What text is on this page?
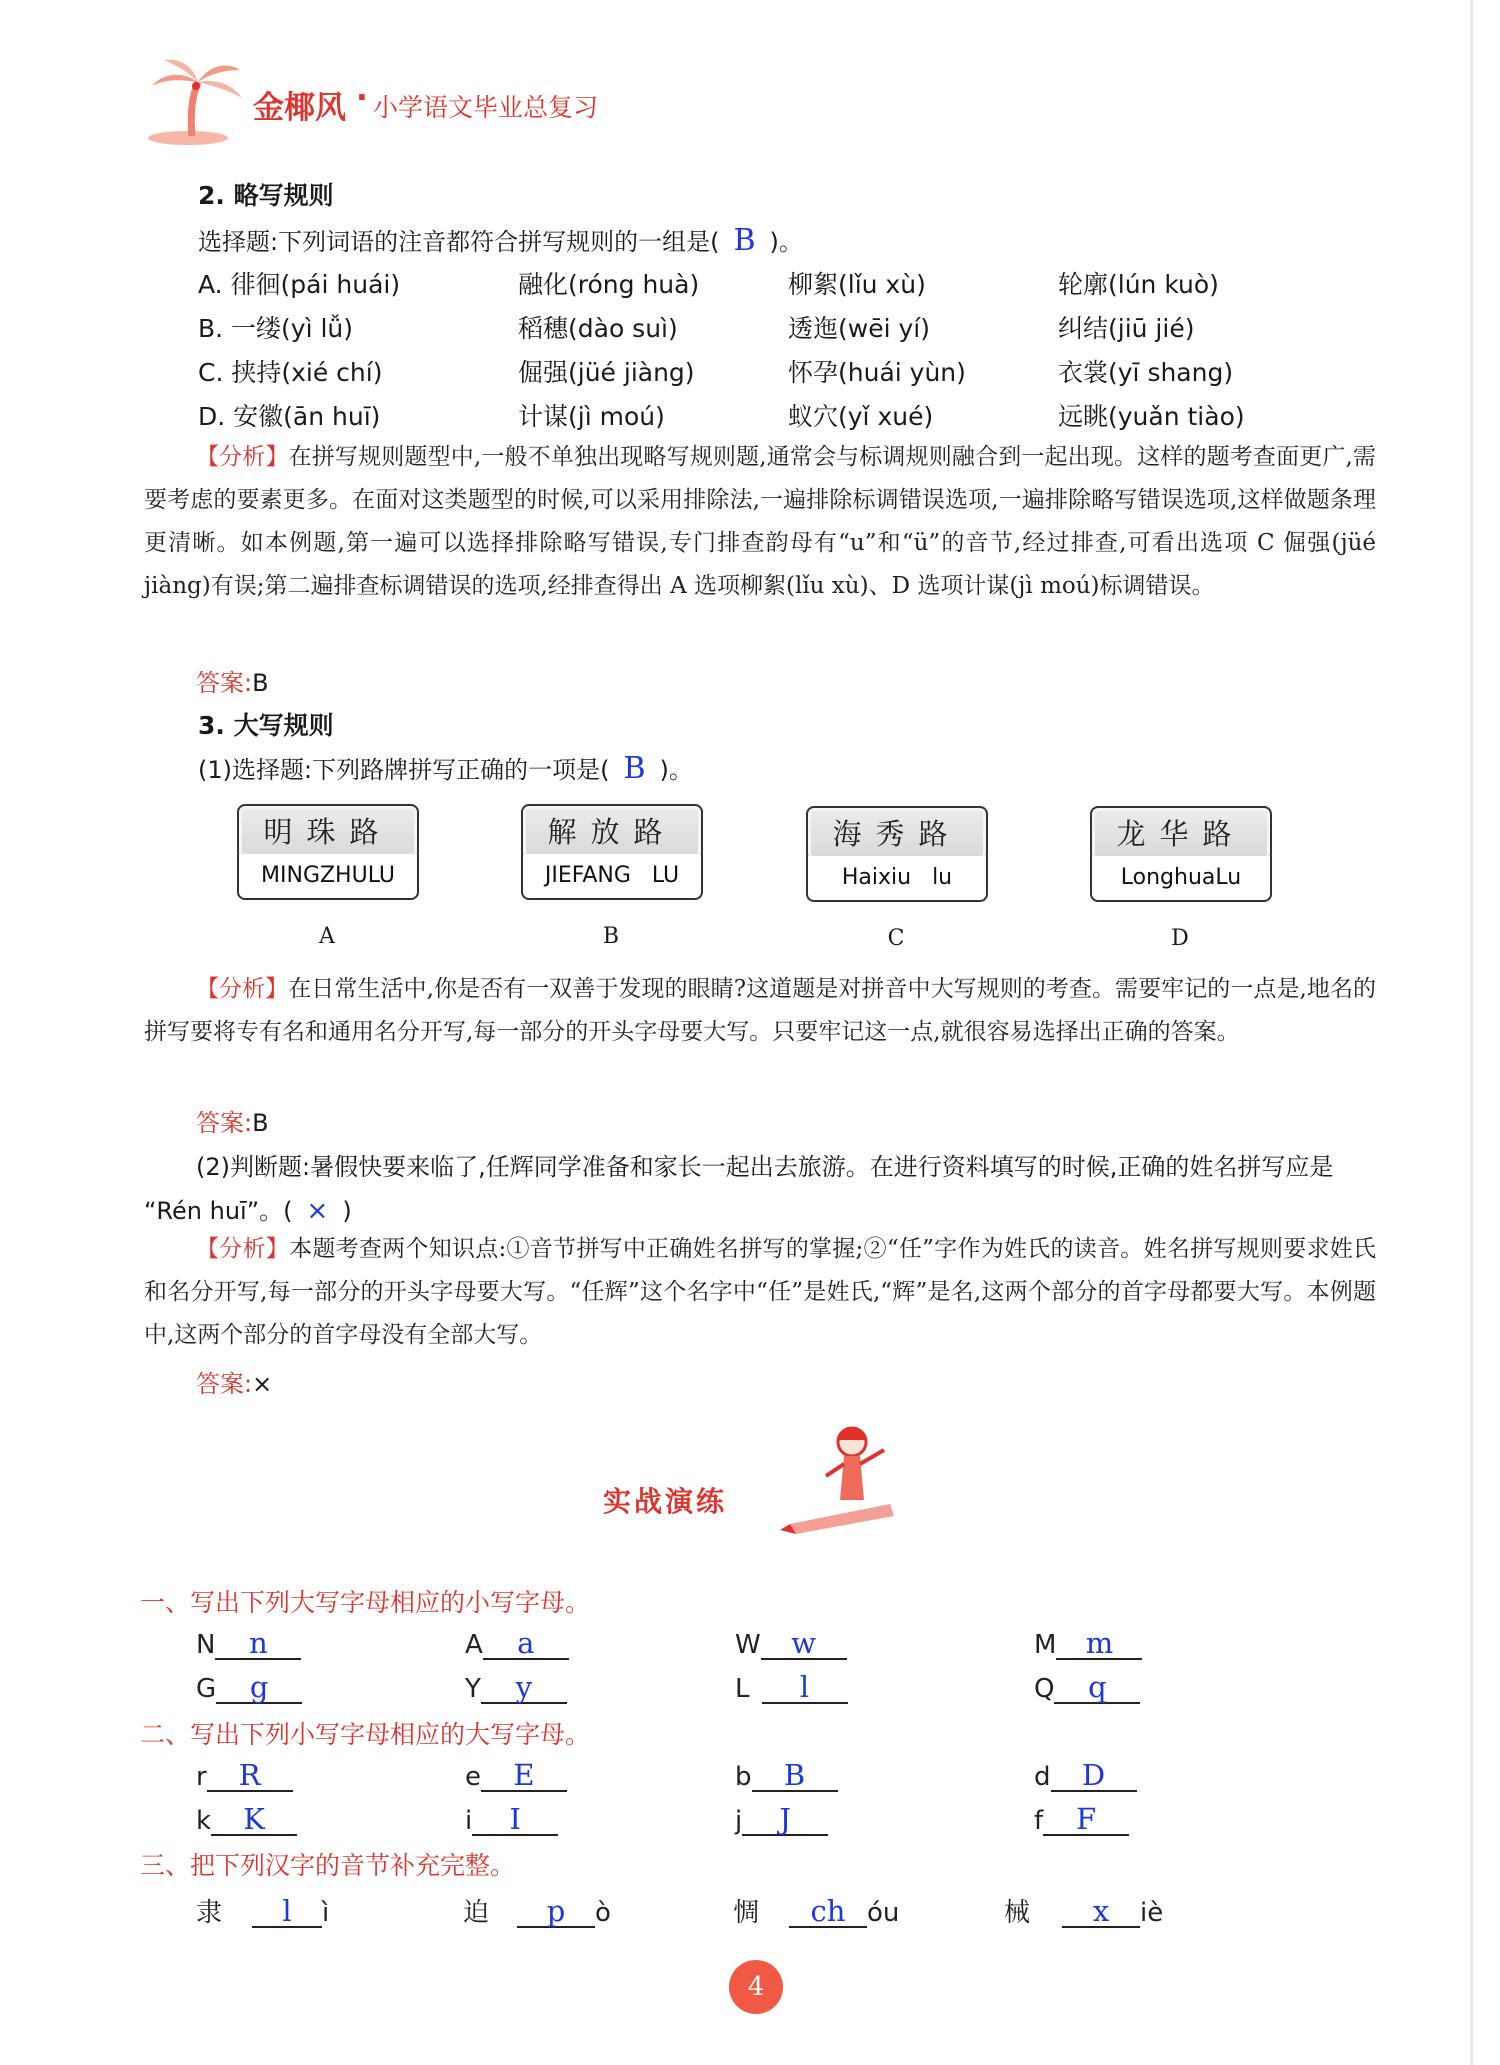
金椰风 · 小学语文毕业总复习
2. 略写规则
选择题:下列词语的注音都符合拼写规则的一组是( B )。
A. 徘徊(pái huái)	融化(róng huà)	柳絮(lǐu xù)	轮廓(lún kuò)
B. 一缕(yì lǚ)	稻穗(dào suì)	透迤(wēi yí)	纠结(jiū jié)
C. 挟持(xié chí)	倔强(jüé jiàng)	怀孕(huái yùn)	衣裳(yī shang)
D. 安徽(ān huī)	计谋(jì moú)	蚁穴(yǐ xué)	远眺(yuǎn tiào)
【分析】在拼写规则题型中,一般不单独出现略写规则题,通常会与标调规则融合到一起出现。这样的题考查面更广,需要考虑的要素更多。在面对这类题型的时候,可以采用排除法,一遍排除标调错误选项,一遍排除略写错误选项,这样做题条理更清晰。如本例题,第一遍可以选择排除略写错误,专门排查韵母有“u”和“ü”的音节,经过排查,可看出选项 C 倔强(jüé jiàng)有误;第二遍排查标调错误的选项,经排查得出 A 选项柳絮(lǐu xù)、D 选项计谋(jì moú)标调错误。
答案:B
3. 大写规则
(1)选择题:下列路牌拼写正确的一项是( B )。
明珠路
MINGZHULU
A
解放路
JIEFANG   LU
B
海秀路
Haixiu   lu
C
龙华路
LonghuaLu
D
【分析】在日常生活中,你是否有一双善于发现的眼睛?这道题是对拼音中大写规则的考查。需要牢记的一点是,地名的拼写要将专有名和通用名分开写,每一部分的开头字母要大写。只要牢记这一点,就很容易选择出正确的答案。
答案:B
(2)判断题:暑假快要来临了,任辉同学准备和家长一起出去旅游。在进行资料填写的时候,正确的姓名拼写应是 “Rén huī”。( × )
【分析】本题考查两个知识点:①音节拼写中正确姓名拼写的掌握;②“任”字作为姓氏的读音。姓名拼写规则要求姓氏和名分开写,每一部分的开头字母要大写。“任辉”这个名字中“任”是姓氏,“辉”是名,这两个部分的首字母都要大写。本例题中,这两个部分的首字母没有全部大写。
答案:×
实战演练
一、写出下列大写字母相应的小写字母。
N n	A a	W w	M m
G g	Y y	L l	Q q
二、写出下列小写字母相应的大写字母。
r R	e E	b B	d D
k K	i I	j J	f F
三、把下列汉字的音节补充完整。
隶 l ì	迫 p ò	惆 ch óu	械 x iè
4
